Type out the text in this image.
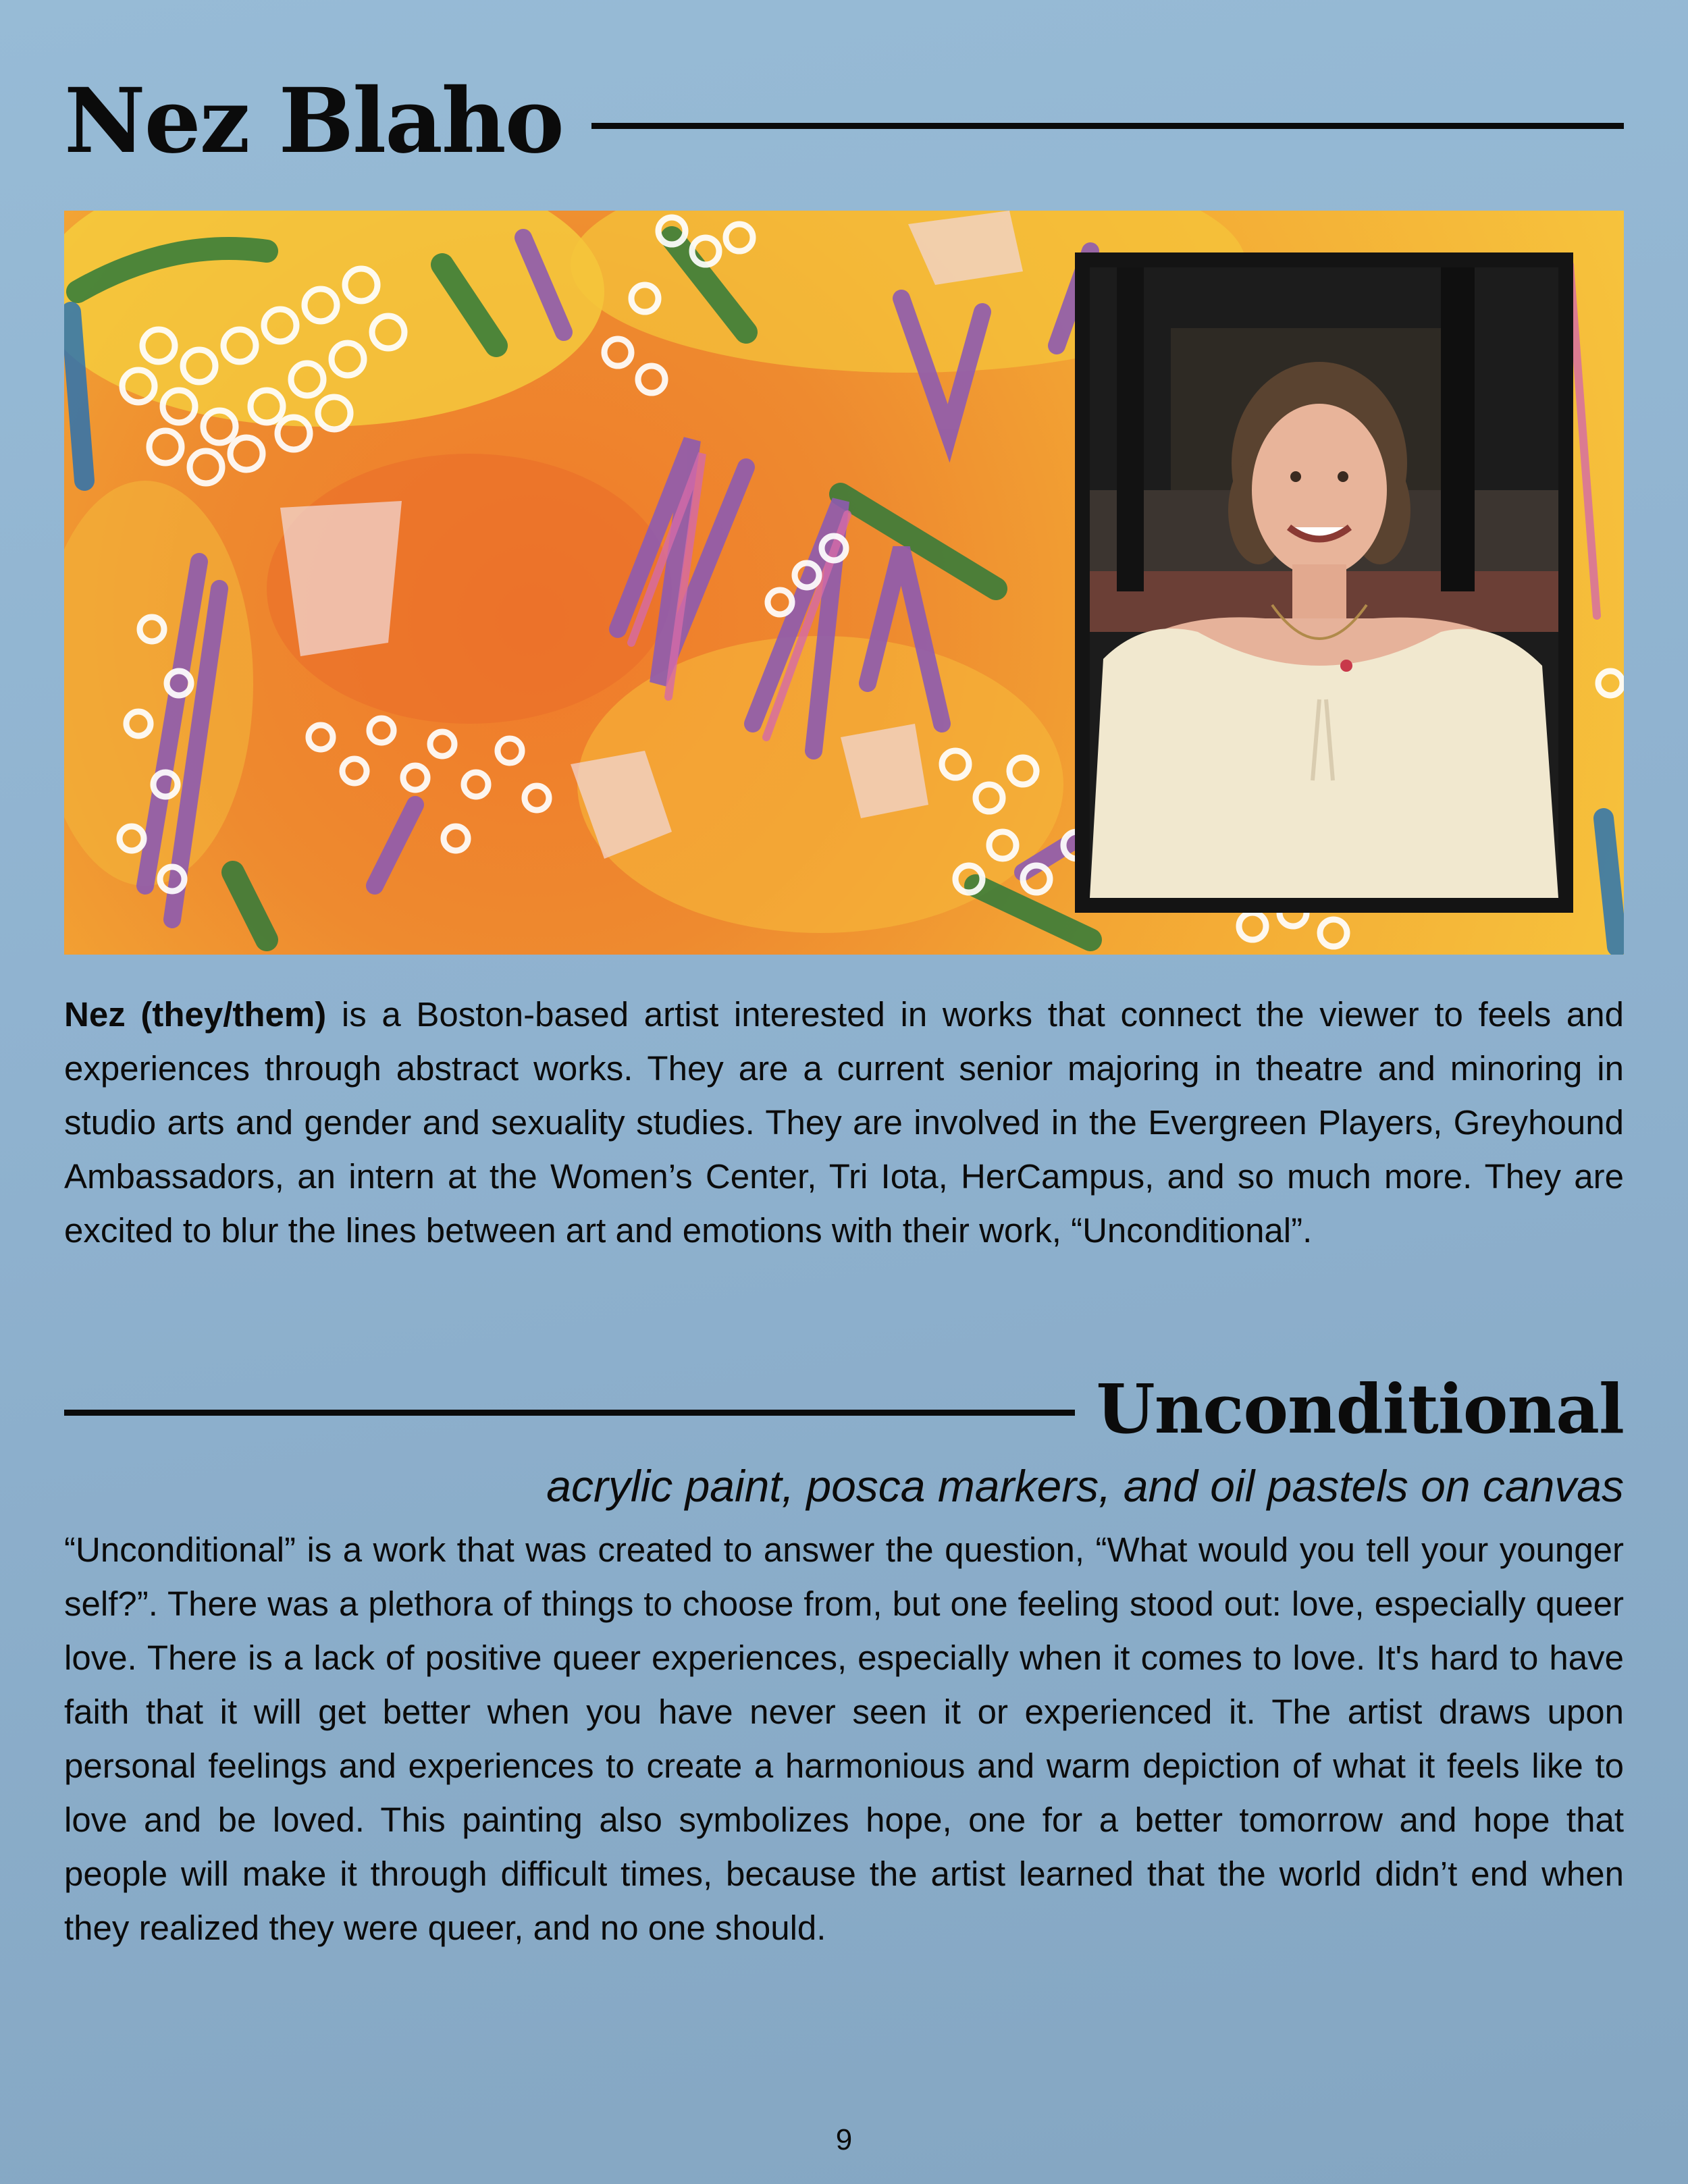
Nez Blaho

Nez (they/them) is a Boston-based artist interested in works that connect the viewer to feels and experiences through abstract works. They are a current senior majoring in theatre and minoring in studio arts and gender and sexuality studies. They are involved in the Evergreen Players, Greyhound Ambassadors, an intern at the Women’s Center, Tri Iota, HerCampus, and so much more. They are excited to blur the lines between art and emotions with their work, “Unconditional”.

Unconditional

acrylic paint, posca markers, and oil pastels on canvas

“Unconditional” is a work that was created to answer the question, “What would you tell your younger self?”. There was a plethora of things to choose from, but one feeling stood out: love, especially queer love. There is a lack of positive queer experiences, especially when it comes to love. It's hard to have faith that it will get better when you have never seen it or experienced it. The artist draws upon personal feelings and experiences to create a harmonious and warm depiction of what it feels like to love and be loved. This painting also symbolizes hope, one for a better tomorrow and hope that people will make it through difficult times, because the artist learned that the world didn’t end when they realized they were queer, and no one should.

9
